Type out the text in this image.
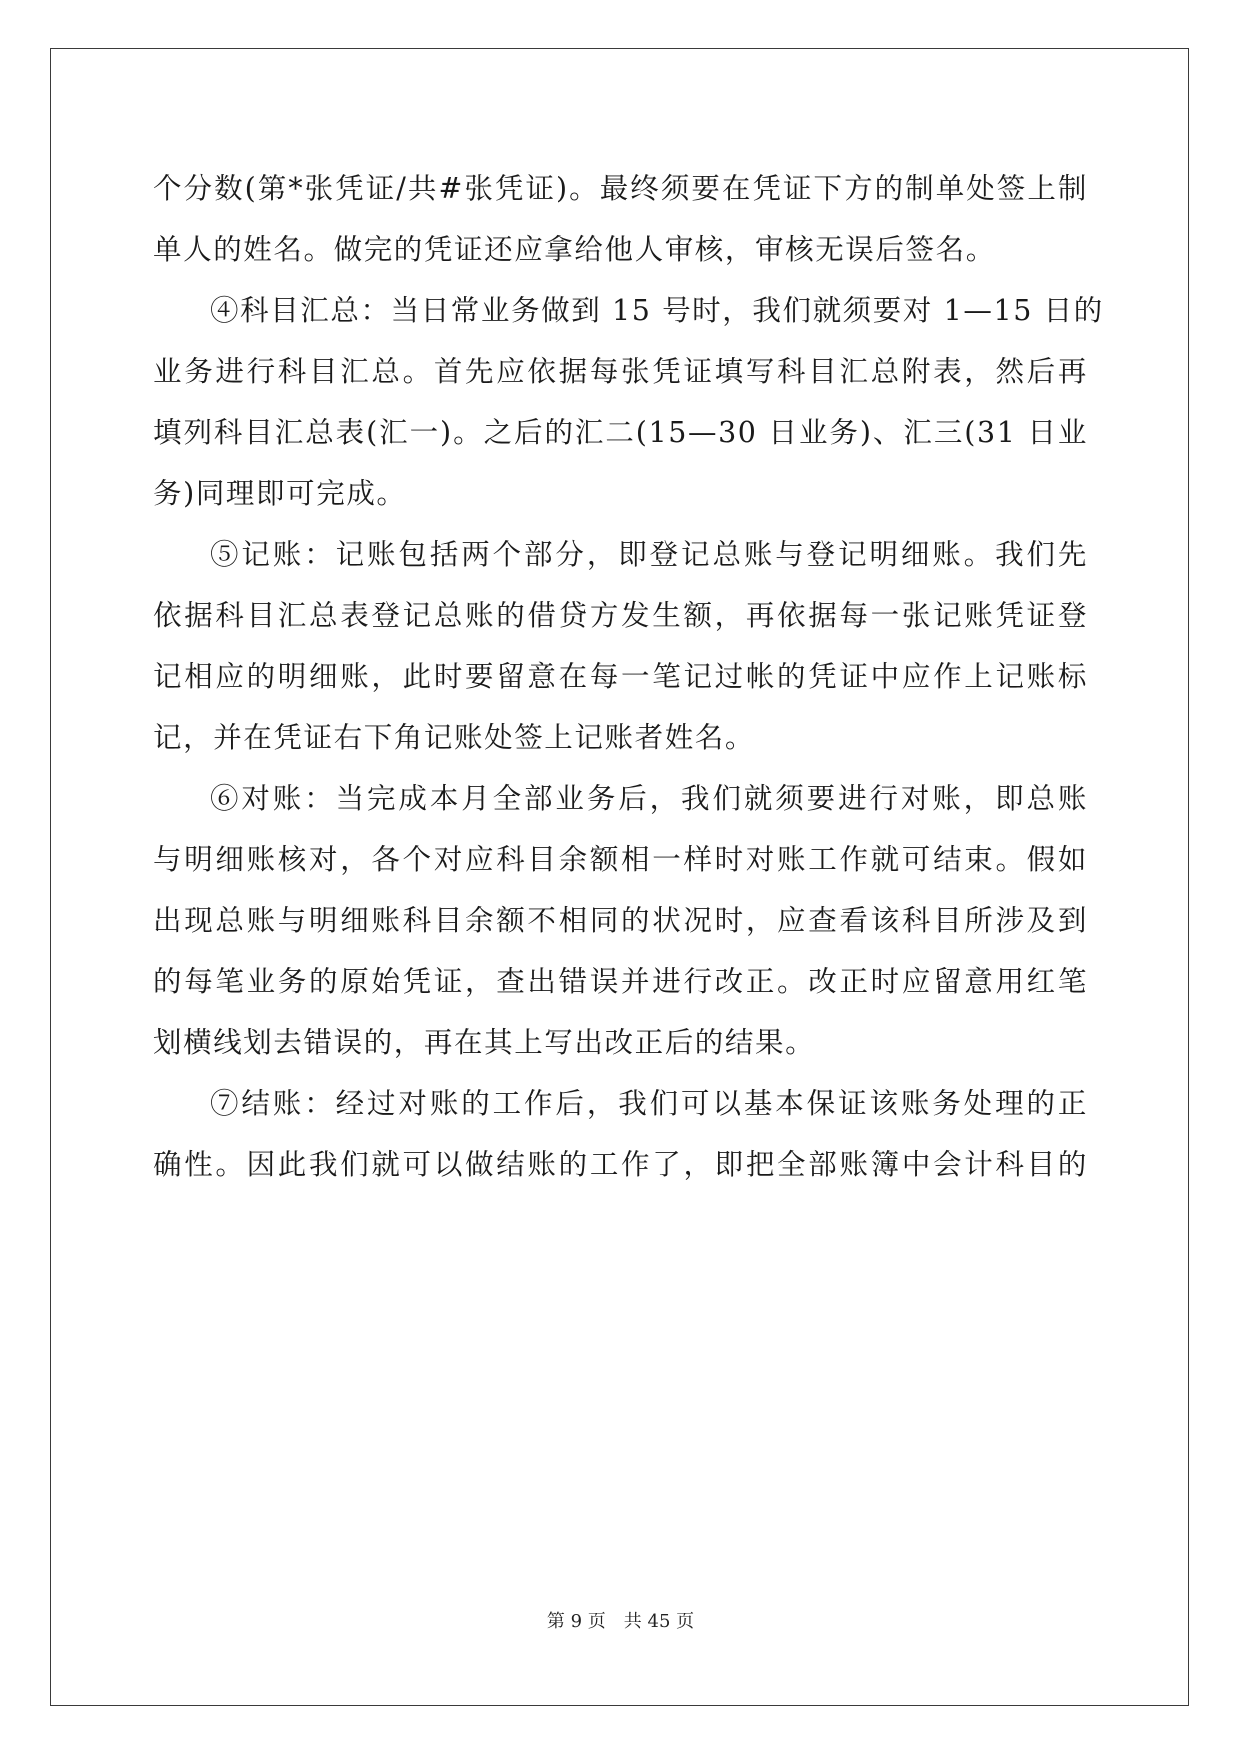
个分数(第*张凭证/共#张凭证)。最终须要在凭证下方的制单处签上制
单人的姓名。做完的凭证还应拿给他人审核，审核无误后签名。
④科目汇总：当日常业务做到 15 号时，我们就须要对 1—15 日的
业务进行科目汇总。首先应依据每张凭证填写科目汇总附表，然后再
填列科目汇总表(汇一)。之后的汇二(15—30 日业务)、汇三(31 日业
务)同理即可完成。
⑤记账：记账包括两个部分，即登记总账与登记明细账。我们先
依据科目汇总表登记总账的借贷方发生额，再依据每一张记账凭证登
记相应的明细账，此时要留意在每一笔记过帐的凭证中应作上记账标
记，并在凭证右下角记账处签上记账者姓名。
⑥对账：当完成本月全部业务后，我们就须要进行对账，即总账
与明细账核对，各个对应科目余额相一样时对账工作就可结束。假如
出现总账与明细账科目余额不相同的状况时，应查看该科目所涉及到
的每笔业务的原始凭证，查出错误并进行改正。改正时应留意用红笔
划横线划去错误的，再在其上写出改正后的结果。
⑦结账：经过对账的工作后，我们可以基本保证该账务处理的正
确性。因此我们就可以做结账的工作了，即把全部账簿中会计科目的
第 9 页　共 45 页
